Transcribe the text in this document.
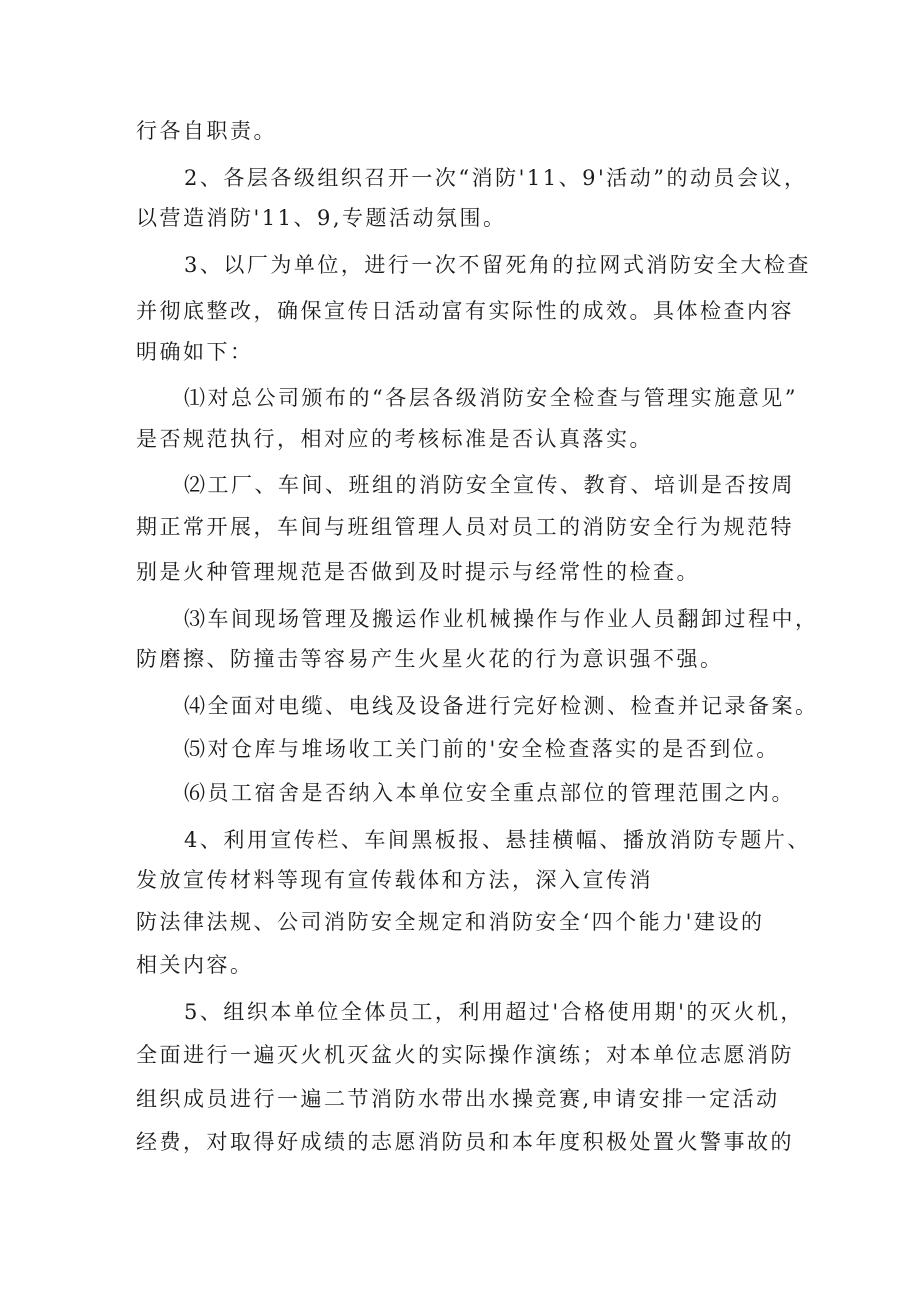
行各自职责。

2、各层各级组织召开一次“消防'11、9'活动”的动员会议，

以营造消防'11、9,专题活动氛围。

3、以厂为单位，进行一次不留死角的拉网式消防安全大检查

并彻底整改，确保宣传日活动富有实际性的成效。具体检查内容

明确如下：

⑴对总公司颁布的“各层各级消防安全检查与管理实施意见”

是否规范执行，相对应的考核标准是否认真落实。

⑵工厂、车间、班组的消防安全宣传、教育、培训是否按周

期正常开展，车间与班组管理人员对员工的消防安全行为规范特

别是火种管理规范是否做到及时提示与经常性的检查。

⑶车间现场管理及搬运作业机械操作与作业人员翻卸过程中，

防磨擦、防撞击等容易产生火星火花的行为意识强不强。

⑷全面对电缆、电线及设备进行完好检测、检查并记录备案。

⑸对仓库与堆场收工关门前的'安全检查落实的是否到位。

⑹员工宿舍是否纳入本单位安全重点部位的管理范围之内。

4、利用宣传栏、车间黑板报、悬挂横幅、播放消防专题片、

发放宣传材料等现有宣传载体和方法，深入宣传消

防法律法规、公司消防安全规定和消防安全‘四个能力'建设的

相关内容。

5、组织本单位全体员工，利用超过'合格使用期'的灭火机，

全面进行一遍灭火机灭盆火的实际操作演练；对本单位志愿消防

组织成员进行一遍二节消防水带出水操竞赛,申请安排一定活动

经费，对取得好成绩的志愿消防员和本年度积极处置火警事故的
